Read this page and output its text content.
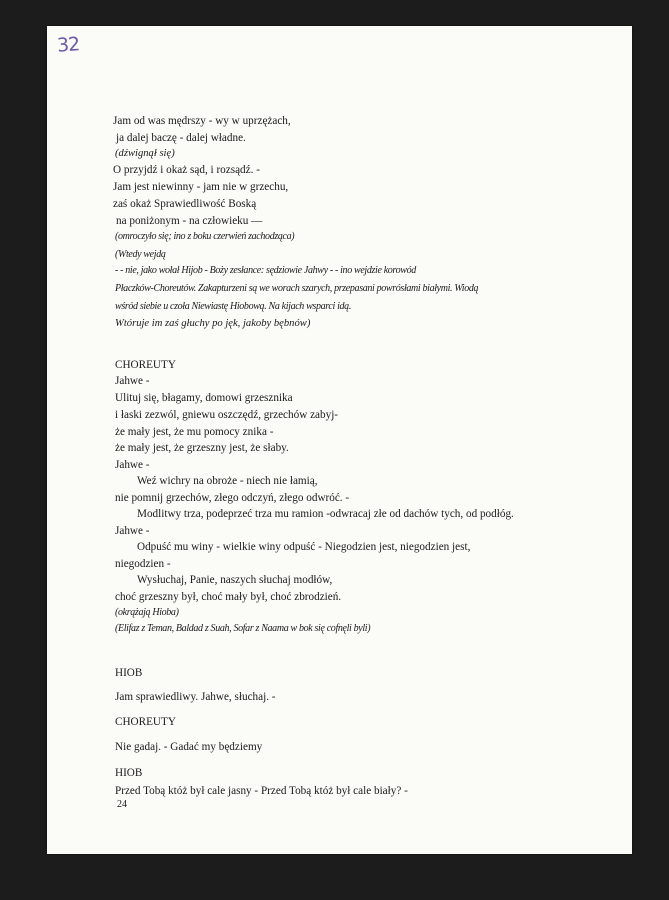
32
Jam od was mędrszy - wy w uprzężach,
ja dalej baczę - dalej władne.
(dźwignął się)
O przyjdź i okaż sąd, i rozsądź. -
Jam jest niewinny - jam nie w grzechu,
zaś okaż Sprawiedliwość Boską
na poniżonym - na człowieku —
(omroczyło się; ino z boku czerwień zachodząca)
(Wtedy wejdą
- - nie, jako wołał Hijob - Boży zesłance: sędziowie Jahwy - - ino wejdzie korowód
Płaczków-Choreutów. Zakapturzeni są we worach szarych, przepasani powrósłami białymi. Wiodą
wśród siebie u czoła Niewiastę Hiobową. Na kijach wsparci idą.
Wtóruje im zaś głuchy po jęk, jakoby bębnów)
CHOREUTY
Jahwe -
Ulituj się, błagamy, domowi grzesznika
i łaski zezwól, gniewu oszczędź, grzechów zabyj-
że mały jest, że mu pomocy znika -
że mały jest, że grzeszny jest, że słaby.
Jahwe -
Weź wichry na obroże - niech nie łamią,
nie pomnij grzechów, złego odczyń, złego odwróć. -
Modlitwy trza, podeprzeć trza mu ramion -odwracaj złe od dachów tych, od podłóg.
Jahwe -
Odpuść mu winy - wielkie winy odpuść - Niegodzien jest, niegodzien jest,
niegodzien -
Wysłuchaj, Panie, naszych słuchaj modłów,
choć grzeszny był, choć mały był, choć zbrodzień.
(okrążają Hioba)
(Elifaz z Teman, Baldad z Suah, Sofar z Naama w bok się cofnęli byli)
HIOB
Jam sprawiedliwy. Jahwe, słuchaj. -
CHOREUTY
Nie gadaj. - Gadać my będziemy
HIOB
Przed Tobą któż był cale jasny - Przed Tobą któż był cale biały? -
24
